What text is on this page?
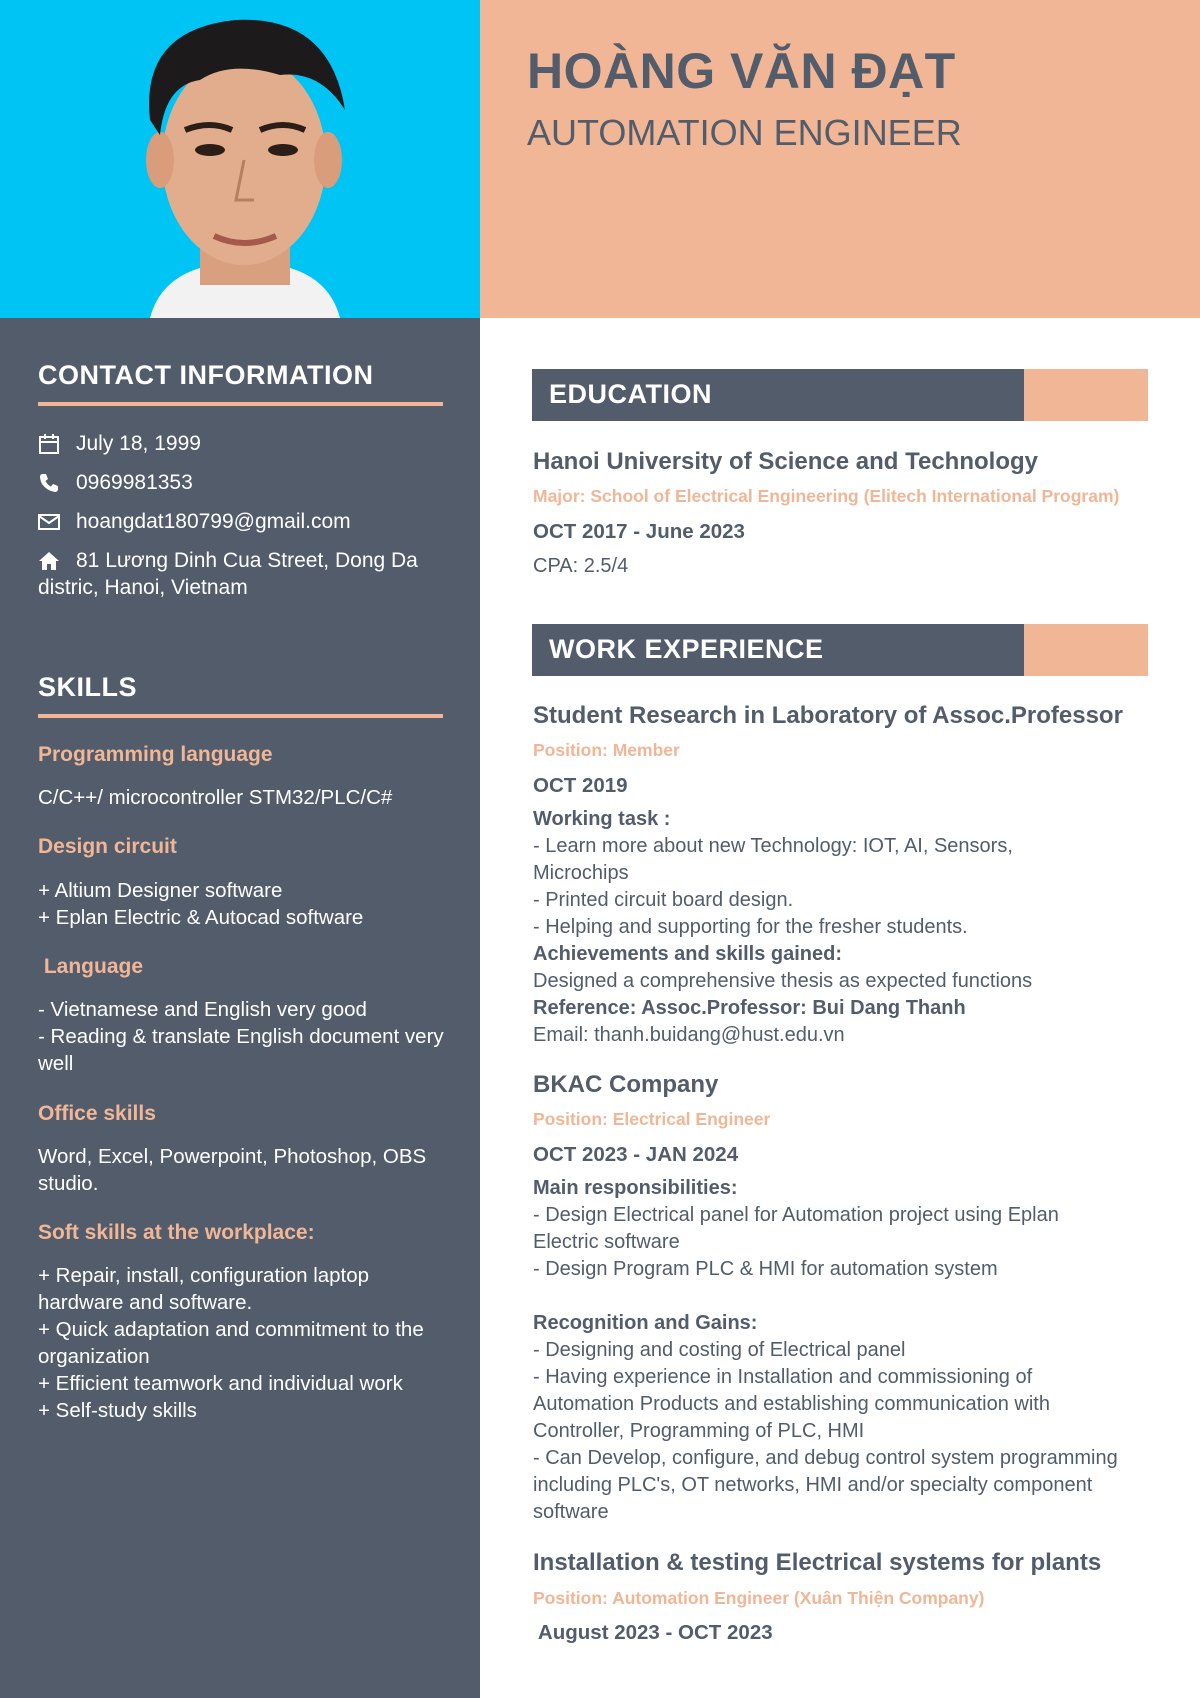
HOÀNG VĂN ĐẠT
AUTOMATION ENGINEER
CONTACT INFORMATION
July 18, 1999
0969981353
hoangdat180799@gmail.com
81 Lương Dinh Cua Street, Dong Da distric, Hanoi, Vietnam
SKILLS
Programming language
C/C++/ microcontroller STM32/PLC/C#
Design circuit
+ Altium Designer software
+ Eplan Electric & Autocad software
Language
- Vietnamese and English very good
- Reading & translate English document very well
Office skills
Word, Excel, Powerpoint, Photoshop, OBS studio.
Soft skills at the workplace:
+ Repair, install, configuration laptop hardware and software.
+ Quick adaptation and commitment to the organization
+ Efficient teamwork and individual work
+ Self-study skills
EDUCATION
Hanoi University of Science and Technology
Major: School of Electrical Engineering (Elitech International Program)
OCT 2017 - June 2023
CPA: 2.5/4
WORK EXPERIENCE
Student Research in Laboratory of Assoc.Professor
Position: Member
OCT 2019
Working task :
- Learn more about new Technology: IOT, AI, Sensors, Microchips
- Printed circuit board design.
- Helping and supporting for the fresher students.
Achievements and skills gained:
Designed a comprehensive thesis as expected functions
Reference: Assoc.Professor: Bui Dang Thanh
Email: thanh.buidang@hust.edu.vn
BKAC Company
Position: Electrical Engineer
OCT 2023 - JAN 2024
Main responsibilities:
- Design Electrical panel for Automation project using Eplan Electric software
- Design Program PLC & HMI for automation system
Recognition and Gains:
- Designing and costing of Electrical panel
- Having experience in Installation and commissioning of Automation Products and establishing communication with Controller, Programming of PLC, HMI
- Can Develop, configure, and debug control system programming including PLC's, OT networks, HMI and/or specialty component software
Installation & testing Electrical systems for plants
Position: Automation Engineer (Xuân Thiện Company)
August 2023 - OCT 2023
